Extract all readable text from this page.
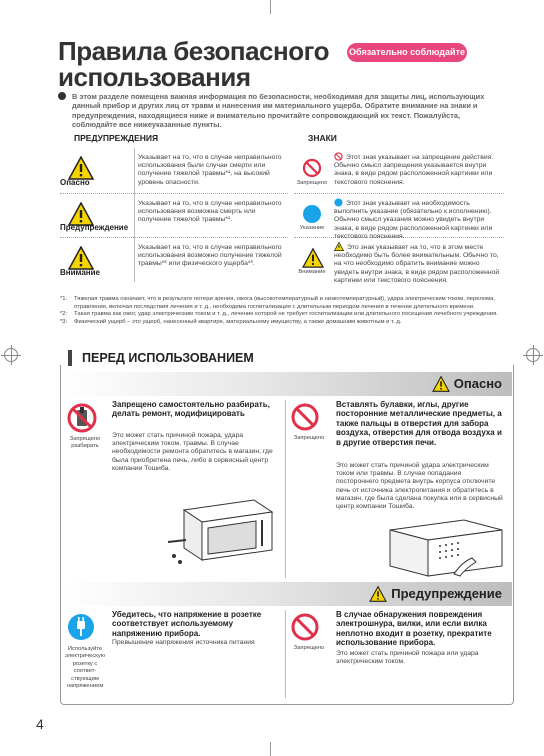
Правила безопасного
использования
Обязательно соблюдайте

В этом разделе помещена важная информация по безопасности, необходимая для защиты лиц, использующих данный прибор и других лиц от травм и нанесения им материального ущерба. Обратите внимание на знаки и предупреждения, находящиеся ниже и внимательно прочитайте сопровождающий их текст. Пожалуйста, соблюдайте все нижеуказанные пункты.

ПРЕДУПРЕЖДЕНИЯ	ЗНАКИ
Опасно
Указывает на то, что в случае неправильного использования были случаи смерти или получение тяжелой травмы*¹, на высокий уровень опасности.
Предупреждение
Указывает на то, что в случае неправильного использования возможна смерть или получение тяжелой травмы*¹.
Внимание
Указывает на то, что в случае неправильного использования возможно получение тяжелой травмы*² или физического ущерба*³.
Запрещено
Этот знак указывает на запрещение действия. Обычно смысл запрещения указывается внутри знака, в виде рядом расположенной картинки или текстового пояснения.
Указание
Этот знак указывает на необходимость выполнить указание (обязательно к исполнению). Обычно смысл указания можно увидеть внутри знака, в виде рядом расположенной картинки или текстового пояснения.
Внимание
Это знак указывает на то, что в этом месте необходимо быть более внимательным. Обычно то, на что необходимо обратить внимание можно увидеть внутри знака, в виде рядом расположенной картинки или текстового пояснения.
*1: Тяжелая травма означает, что в результате потери зрения, ожога (высокотемпературный и низкотемпературный), удара электрическим током, перелома, отравления, включая последствия лечения и т. д., необходима госпитализация с длительным периодом лечения в течение длительного времени.
*2: Такая травма как ожог, удар электрическим током и т. д., лечение которой не требует госпитализации или длительного посещения лечебного учреждения.
*3: Физический ущерб – это ущерб, нанесенный квартире, материальному имуществу, а также домашним животным и т. д.
ПЕРЕД ИСПОЛЬЗОВАНИЕМ
Опасно
Запрещено разбирать
Запрещено самостоятельно разбирать, делать ремонт, модифицировать
Это может стать причиной пожара, удара электрическим током, травмы. В случае необходимости ремонта обратитесь в магазин, где была приобретена печь, либо в сервисный центр компании Тошиба.
Запрещено
Вставлять булавки, иглы, другие посторонние металлические предметы, а также пальцы в отверстия для забора воздуха, отверстия для отвода воздуха и в другие отверстия печи.
Это может стать причиной удара электрическим током или травмы. В случае попадания постороннего предмета внутрь корпуса отключите печь от источника электропитания и обратитесь в магазин, где была сделана покупка или в сервисный центр компании Тошиба.
Предупреждение
Используйте электрическую розетку с соответ- ствующим напряжением
Убедитесь, что напряжение в розетке соответствует используемому напряжению прибора.
Превышение напряжения источника питания
Запрещено
В случае обнаружения повреждения электрошнура, вилки, или если вилка неплотно входит в розетку, прекратите использование прибора.
Это может стать причиной пожара или удара электрическим током.
4
